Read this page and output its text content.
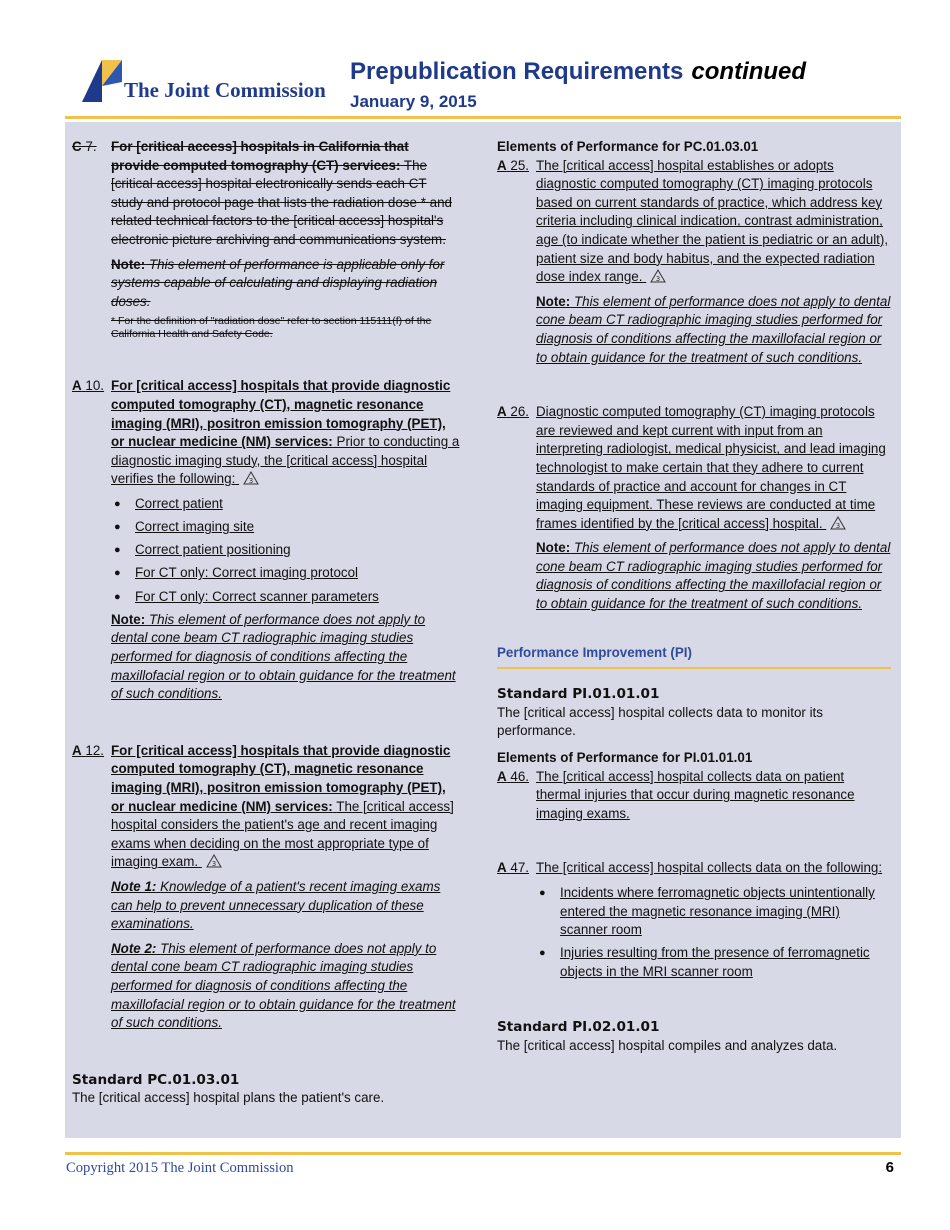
The Joint Commission
Prepublication Requirements continued
January 9, 2015
C 7.	For [critical access] hospitals in California that provide computed tomography (CT) services: The [critical access] hospital electronically sends each CT study and protocol page that lists the radiation dose * and related technical factors to the [critical access] hospital's electronic picture archiving and communications system.
Note: This element of performance is applicable only for systems capable of calculating and displaying radiation doses.
* For the definition of "radiation dose" refer to section 115111(f) of the California Health and Safety Code.
A 10. For [critical access] hospitals that provide diagnostic computed tomography (CT), magnetic resonance imaging (MRI), positron emission tomography (PET), or nuclear medicine (NM) services: Prior to conducting a diagnostic imaging study, the [critical access] hospital verifies the following: 3
● Correct patient
● Correct imaging site
● Correct patient positioning
● For CT only: Correct imaging protocol
● For CT only: Correct scanner parameters
Note: This element of performance does not apply to dental cone beam CT radiographic imaging studies performed for diagnosis of conditions affecting the maxillofacial region or to obtain guidance for the treatment of such conditions.
A 12. For [critical access] hospitals that provide diagnostic computed tomography (CT), magnetic resonance imaging (MRI), positron emission tomography (PET), or nuclear medicine (NM) services: The [critical access] hospital considers the patient's age and recent imaging exams when deciding on the most appropriate type of imaging exam. 3
Note 1: Knowledge of a patient's recent imaging exams can help to prevent unnecessary duplication of these examinations.
Note 2: This element of performance does not apply to dental cone beam CT radiographic imaging studies performed for diagnosis of conditions affecting the maxillofacial region or to obtain guidance for the treatment of such conditions.
Standard PC.01.03.01
The [critical access] hospital plans the patient's care.
Elements of Performance for PC.01.03.01
A 25. The [critical access] hospital establishes or adopts diagnostic computed tomography (CT) imaging protocols based on current standards of practice, which address key criteria including clinical indication, contrast administration, age (to indicate whether the patient is pediatric or an adult), patient size and body habitus, and the expected radiation dose index range. 3
Note: This element of performance does not apply to dental cone beam CT radiographic imaging studies performed for diagnosis of conditions affecting the maxillofacial region or to obtain guidance for the treatment of such conditions.
A 26. Diagnostic computed tomography (CT) imaging protocols are reviewed and kept current with input from an interpreting radiologist, medical physicist, and lead imaging technologist to make certain that they adhere to current standards of practice and account for changes in CT imaging equipment. These reviews are conducted at time frames identified by the [critical access] hospital. 3
Note: This element of performance does not apply to dental cone beam CT radiographic imaging studies performed for diagnosis of conditions affecting the maxillofacial region or to obtain guidance for the treatment of such conditions.
Performance Improvement (PI)
Standard PI.01.01.01
The [critical access] hospital collects data to monitor its performance.
Elements of Performance for PI.01.01.01
A 46. The [critical access] hospital collects data on patient thermal injuries that occur during magnetic resonance imaging exams.
A 47. The [critical access] hospital collects data on the following:
● Incidents where ferromagnetic objects unintentionally entered the magnetic resonance imaging (MRI) scanner room
● Injuries resulting from the presence of ferromagnetic objects in the MRI scanner room
Standard PI.02.01.01
The [critical access] hospital compiles and analyzes data.
Copyright 2015 The Joint Commission	6
